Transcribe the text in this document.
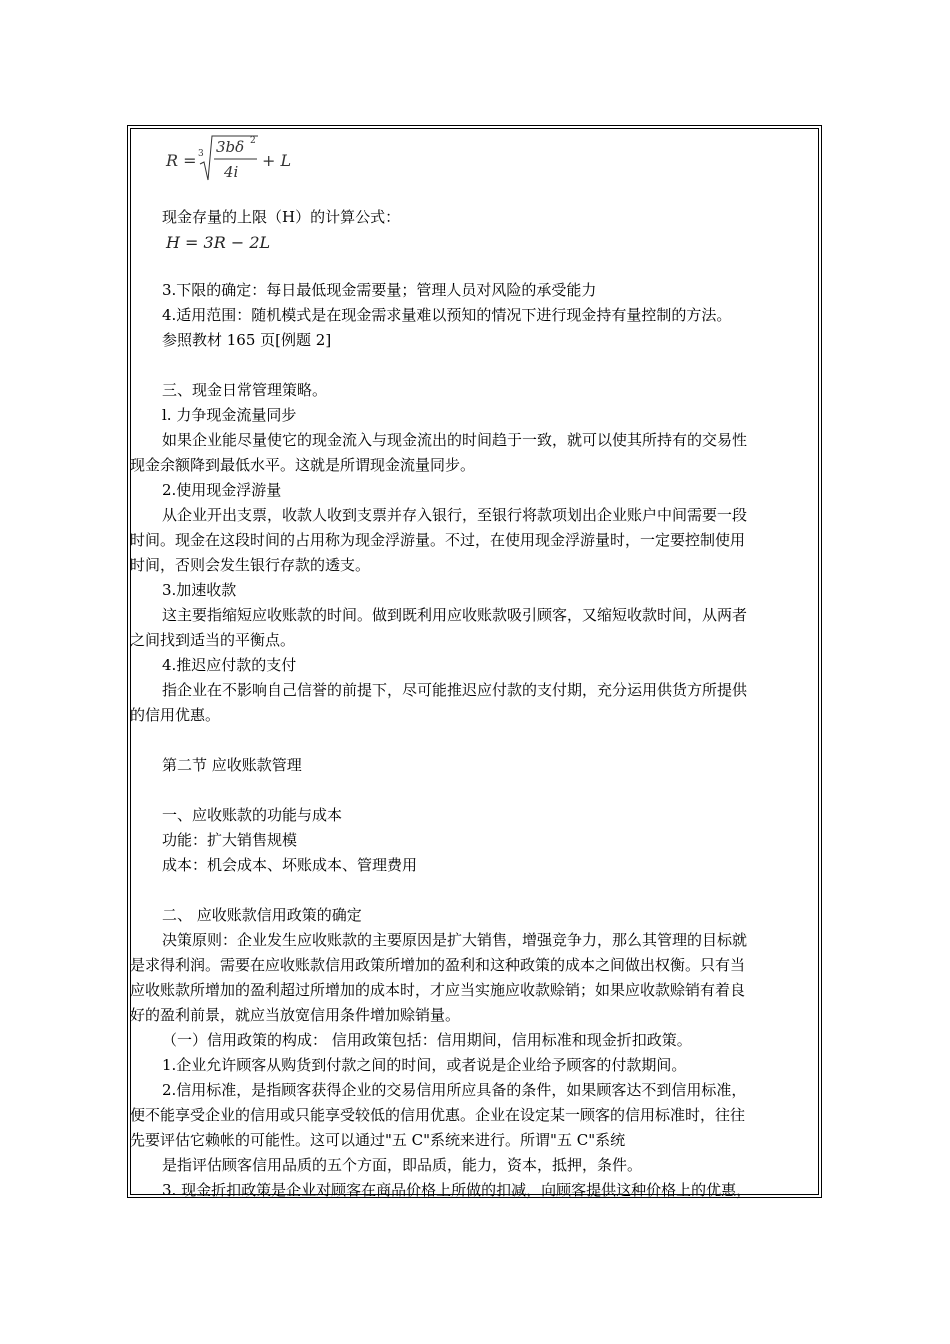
R = 3 3bδ 2
4i
+ L
现金存量的上限（H）的计算公式：
H = 3R − 2L
3.下限的确定：每日最低现金需要量；管理人员对风险的承受能力
4.适用范围：随机模式是在现金需求量难以预知的情况下进行现金持有量控制的方法。
参照教材 165 页[例题 2]
三、现金日常管理策略。
l. 力争现金流量同步
如果企业能尽量使它的现金流入与现金流出的时间趋于一致，就可以使其所持有的交易性
现金余额降到最低水平。这就是所谓现金流量同步。
2.使用现金浮游量
从企业开出支票，收款人收到支票并存入银行，至银行将款项划出企业账户中间需要一段
时间。现金在这段时间的占用称为现金浮游量。不过，在使用现金浮游量时，一定要控制使用
时间，否则会发生银行存款的透支。
3.加速收款
这主要指缩短应收账款的时间。做到既利用应收账款吸引顾客，又缩短收款时间，从两者
之间找到适当的平衡点。
4.推迟应付款的支付
指企业在不影响自己信誉的前提下，尽可能推迟应付款的支付期，充分运用供货方所提供
的信用优惠。
第二节 应收账款管理
一、应收账款的功能与成本
功能：扩大销售规模
成本：机会成本、坏账成本、管理费用
二、 应收账款信用政策的确定
决策原则：企业发生应收账款的主要原因是扩大销售，增强竞争力，那么其管理的目标就
是求得利润。需要在应收账款信用政策所增加的盈利和这种政策的成本之间做出权衡。只有当
应收账款所增加的盈利超过所增加的成本时，才应当实施应收款赊销；如果应收款赊销有着良
好的盈利前景，就应当放宽信用条件增加赊销量。
（一）信用政策的构成： 信用政策包括：信用期间，信用标准和现金折扣政策。
1.企业允许顾客从购货到付款之间的时间，或者说是企业给予顾客的付款期间。
2.信用标准，是指顾客获得企业的交易信用所应具备的条件，如果顾客达不到信用标准，
便不能享受企业的信用或只能享受较低的信用优惠。企业在设定某一顾客的信用标准时，往往
先要评估它赖帐的可能性。这可以通过"五 C"系统来进行。所谓"五 C"系统
是指评估顾客信用品质的五个方面，即品质，能力，资本，抵押，条件。
3. 现金折扣政策是企业对顾客在商品价格上所做的扣减，向顾客提供这种价格上的优惠，
